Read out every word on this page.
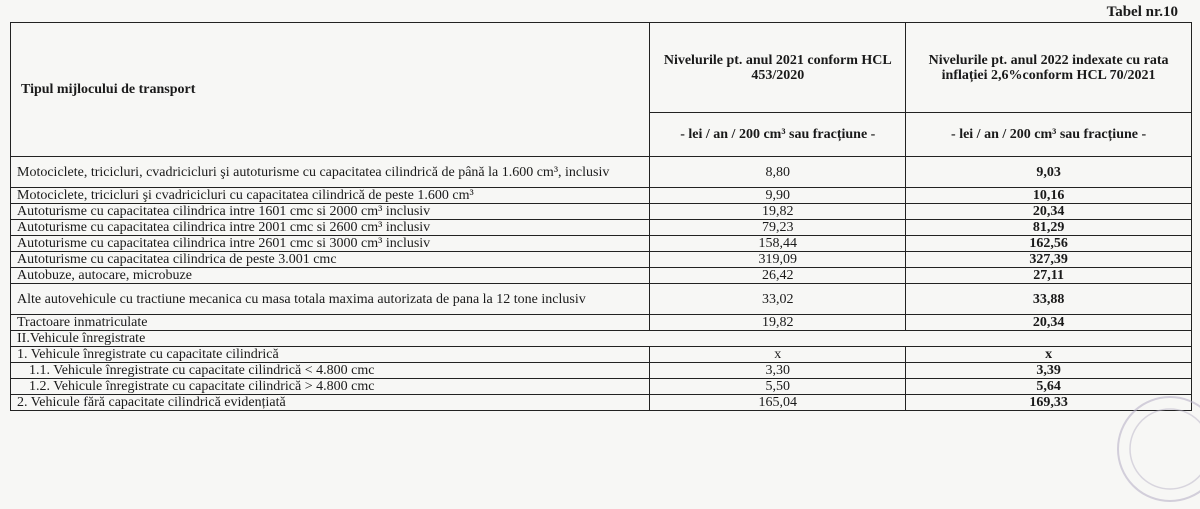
Tabel nr.10
Tipul mijlocului de transport	Nivelurile pt. anul 2021 conform HCL 453/2020	Nivelurile pt. anul 2022 indexate cu rata inflației 2,6%conform HCL 70/2021
	- lei / an / 200 cm³ sau fracțiune -	- lei / an / 200 cm³ sau fracțiune -
Motociclete, tricicluri, cvadricicluri şi autoturisme cu capacitatea cilindrică de până la 1.600 cm³, inclusiv	8,80	9,03
Motociclete, tricicluri şi cvadricicluri cu capacitatea cilindrică de peste 1.600 cm³	9,90	10,16
Autoturisme cu capacitatea cilindrica intre 1601 cmc si 2000 cm³ inclusiv	19,82	20,34
Autoturisme cu capacitatea cilindrica intre 2001 cmc si 2600 cm³ inclusiv	79,23	81,29
Autoturisme cu capacitatea cilindrica intre 2601 cmc si 3000 cm³ inclusiv	158,44	162,56
Autoturisme cu capacitatea cilindrica de peste 3.001 cmc	319,09	327,39
Autobuze, autocare, microbuze	26,42	27,11
Alte autovehicule cu tractiune mecanica cu masa totala maxima autorizata de pana la 12 tone inclusiv	33,02	33,88
Tractoare inmatriculate	19,82	20,34
II.Vehicule înregistrate		
1. Vehicule înregistrate cu capacitate cilindrică	x	x
1.1. Vehicule înregistrate cu capacitate cilindrică < 4.800 cmc	3,30	3,39
1.2. Vehicule înregistrate cu capacitate cilindrică > 4.800 cmc	5,50	5,64
2. Vehicule fără capacitate cilindrică evidențiată	165,04	169,33
